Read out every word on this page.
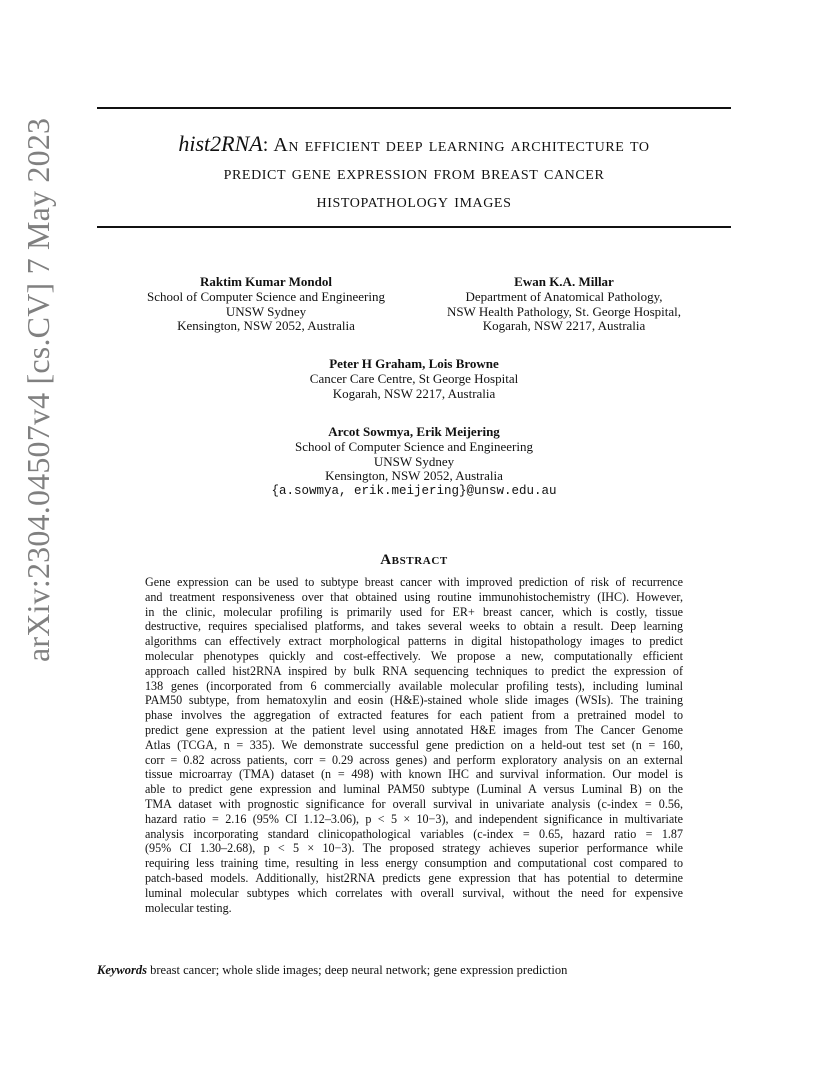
arXiv:2304.04507v4 [cs.CV] 7 May 2023	hist2RNA: An efficient deep learning architecture to
predict gene expression from breast cancer
histopathology images
Raktim Kumar Mondol
School of Computer Science and Engineering
UNSW Sydney
Kensington, NSW 2052, Australia
Ewan K.A. Millar
Department of Anatomical Pathology,
NSW Health Pathology, St. George Hospital,
Kogarah, NSW 2217, Australia
Peter H Graham, Lois Browne
Cancer Care Centre, St George Hospital
Kogarah, NSW 2217, Australia
Arcot Sowmya, Erik Meijering
School of Computer Science and Engineering
UNSW Sydney
Kensington, NSW 2052, Australia
{a.sowmya, erik.meijering}@unsw.edu.au
Abstract
Gene expression can be used to subtype breast cancer with improved prediction of risk of recurrence
and treatment responsiveness over that obtained using routine immunohistochemistry (IHC). However,
in the clinic, molecular profiling is primarily used for ER+ breast cancer, which is costly, tissue
destructive, requires specialised platforms, and takes several weeks to obtain a result. Deep learning
algorithms can effectively extract morphological patterns in digital histopathology images to predict
molecular phenotypes quickly and cost-effectively. We propose a new, computationally efficient
approach called hist2RNA inspired by bulk RNA sequencing techniques to predict the expression of
138 genes (incorporated from 6 commercially available molecular profiling tests), including luminal
PAM50 subtype, from hematoxylin and eosin (H&E)-stained whole slide images (WSIs). The training
phase involves the aggregation of extracted features for each patient from a pretrained model to
predict gene expression at the patient level using annotated H&E images from The Cancer Genome
Atlas (TCGA, n = 335). We demonstrate successful gene prediction on a held-out test set (n = 160,
corr = 0.82 across patients, corr = 0.29 across genes) and perform exploratory analysis on an external
tissue microarray (TMA) dataset (n = 498) with known IHC and survival information. Our model is
able to predict gene expression and luminal PAM50 subtype (Luminal A versus Luminal B) on the
TMA dataset with prognostic significance for overall survival in univariate analysis (c-index = 0.56,
hazard ratio = 2.16 (95% CI 1.12–3.06), p < 5 × 10−3), and independent significance in multivariate
analysis incorporating standard clinicopathological variables (c-index = 0.65, hazard ratio = 1.87
(95% CI 1.30–2.68), p < 5 × 10−3). The proposed strategy achieves superior performance while
requiring less training time, resulting in less energy consumption and computational cost compared to
patch-based models. Additionally, hist2RNA predicts gene expression that has potential to determine
luminal molecular subtypes which correlates with overall survival, without the need for expensive
molecular testing.
Keywords breast cancer; whole slide images; deep neural network; gene expression prediction
